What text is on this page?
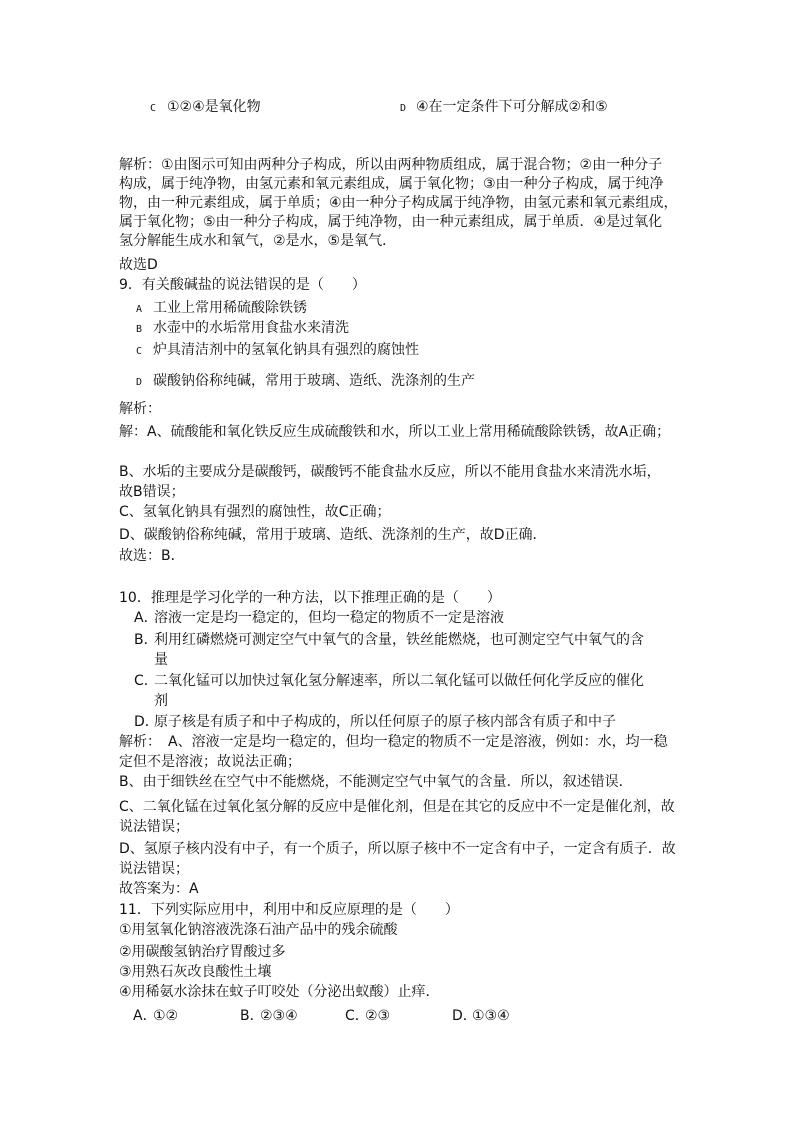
C ①②④是氧化物	D ④在一定条件下可分解成②和⑤
解析：①由图示可知由两种分子构成，所以由两种物质组成，属于混合物；②由一种分子
构成，属于纯净物，由氢元素和氧元素组成，属于氧化物；③由一种分子构成，属于纯净
物，由一种元素组成，属于单质；④由一种分子构成属于纯净物，由氢元素和氧元素组成，
属于氧化物；⑤由一种分子构成，属于纯净物，由一种元素组成，属于单质．④是过氧化
氢分解能生成水和氧气，②是水，⑤是氧气．
故选D
9．有关酸碱盐的说法错误的是（　　）
A 工业上常用稀硫酸除铁锈
B 水壶中的水垢常用食盐水来清洗
C 炉具清洁剂中的氢氧化钠具有强烈的腐蚀性
D 碳酸钠俗称纯碱，常用于玻璃、造纸、洗涤剂的生产
解析：
解：A、硫酸能和氧化铁反应生成硫酸铁和水，所以工业上常用稀硫酸除铁锈，故A正确；
B、水垢的主要成分是碳酸钙，碳酸钙不能食盐水反应，所以不能用食盐水来清洗水垢，
故B错误；
C、氢氧化钠具有强烈的腐蚀性，故C正确；
D、碳酸钠俗称纯碱，常用于玻璃、造纸、洗涤剂的生产，故D正确．
故选：B．
10．推理是学习化学的一种方法，以下推理正确的是（　　）
A．
溶液一定是均一稳定的，但均一稳定的物质不一定是溶液
B．
利用红磷燃烧可测定空气中氧气的含量，铁丝能燃烧，也可测定空气中氧气的含
量
C．
二氧化锰可以加快过氧化氢分解速率，所以二氧化锰可以做任何化学反应的催化
剂
D．
原子核是有质子和中子构成的，所以任何原子的原子核内部含有质子和中子
解析：　A、溶液一定是均一稳定的，但均一稳定的物质不一定是溶液，例如：水，均一稳
定但不是溶液；故说法正确；
B、由于细铁丝在空气中不能燃烧，不能测定空气中氧气的含量．所以，叙述错误．
C、二氧化锰在过氧化氢分解的反应中是催化剂，但是在其它的反应中不一定是催化剂，故
说法错误；
D、氢原子核内没有中子，有一个质子，所以原子核中不一定含有中子，一定含有质子．故
说法错误；
故答案为：A
11．下列实际应用中，利用中和反应原理的是（　　）
①用氢氧化钠溶液洗涤石油产品中的残余硫酸
②用碳酸氢钠治疗胃酸过多
③用熟石灰改良酸性土壤
④用稀氨水涂抹在蚊子叮咬处（分泌出蚁酸）止痒．
A．
①②	B．
②③④	C．
②③	D．
①③④
